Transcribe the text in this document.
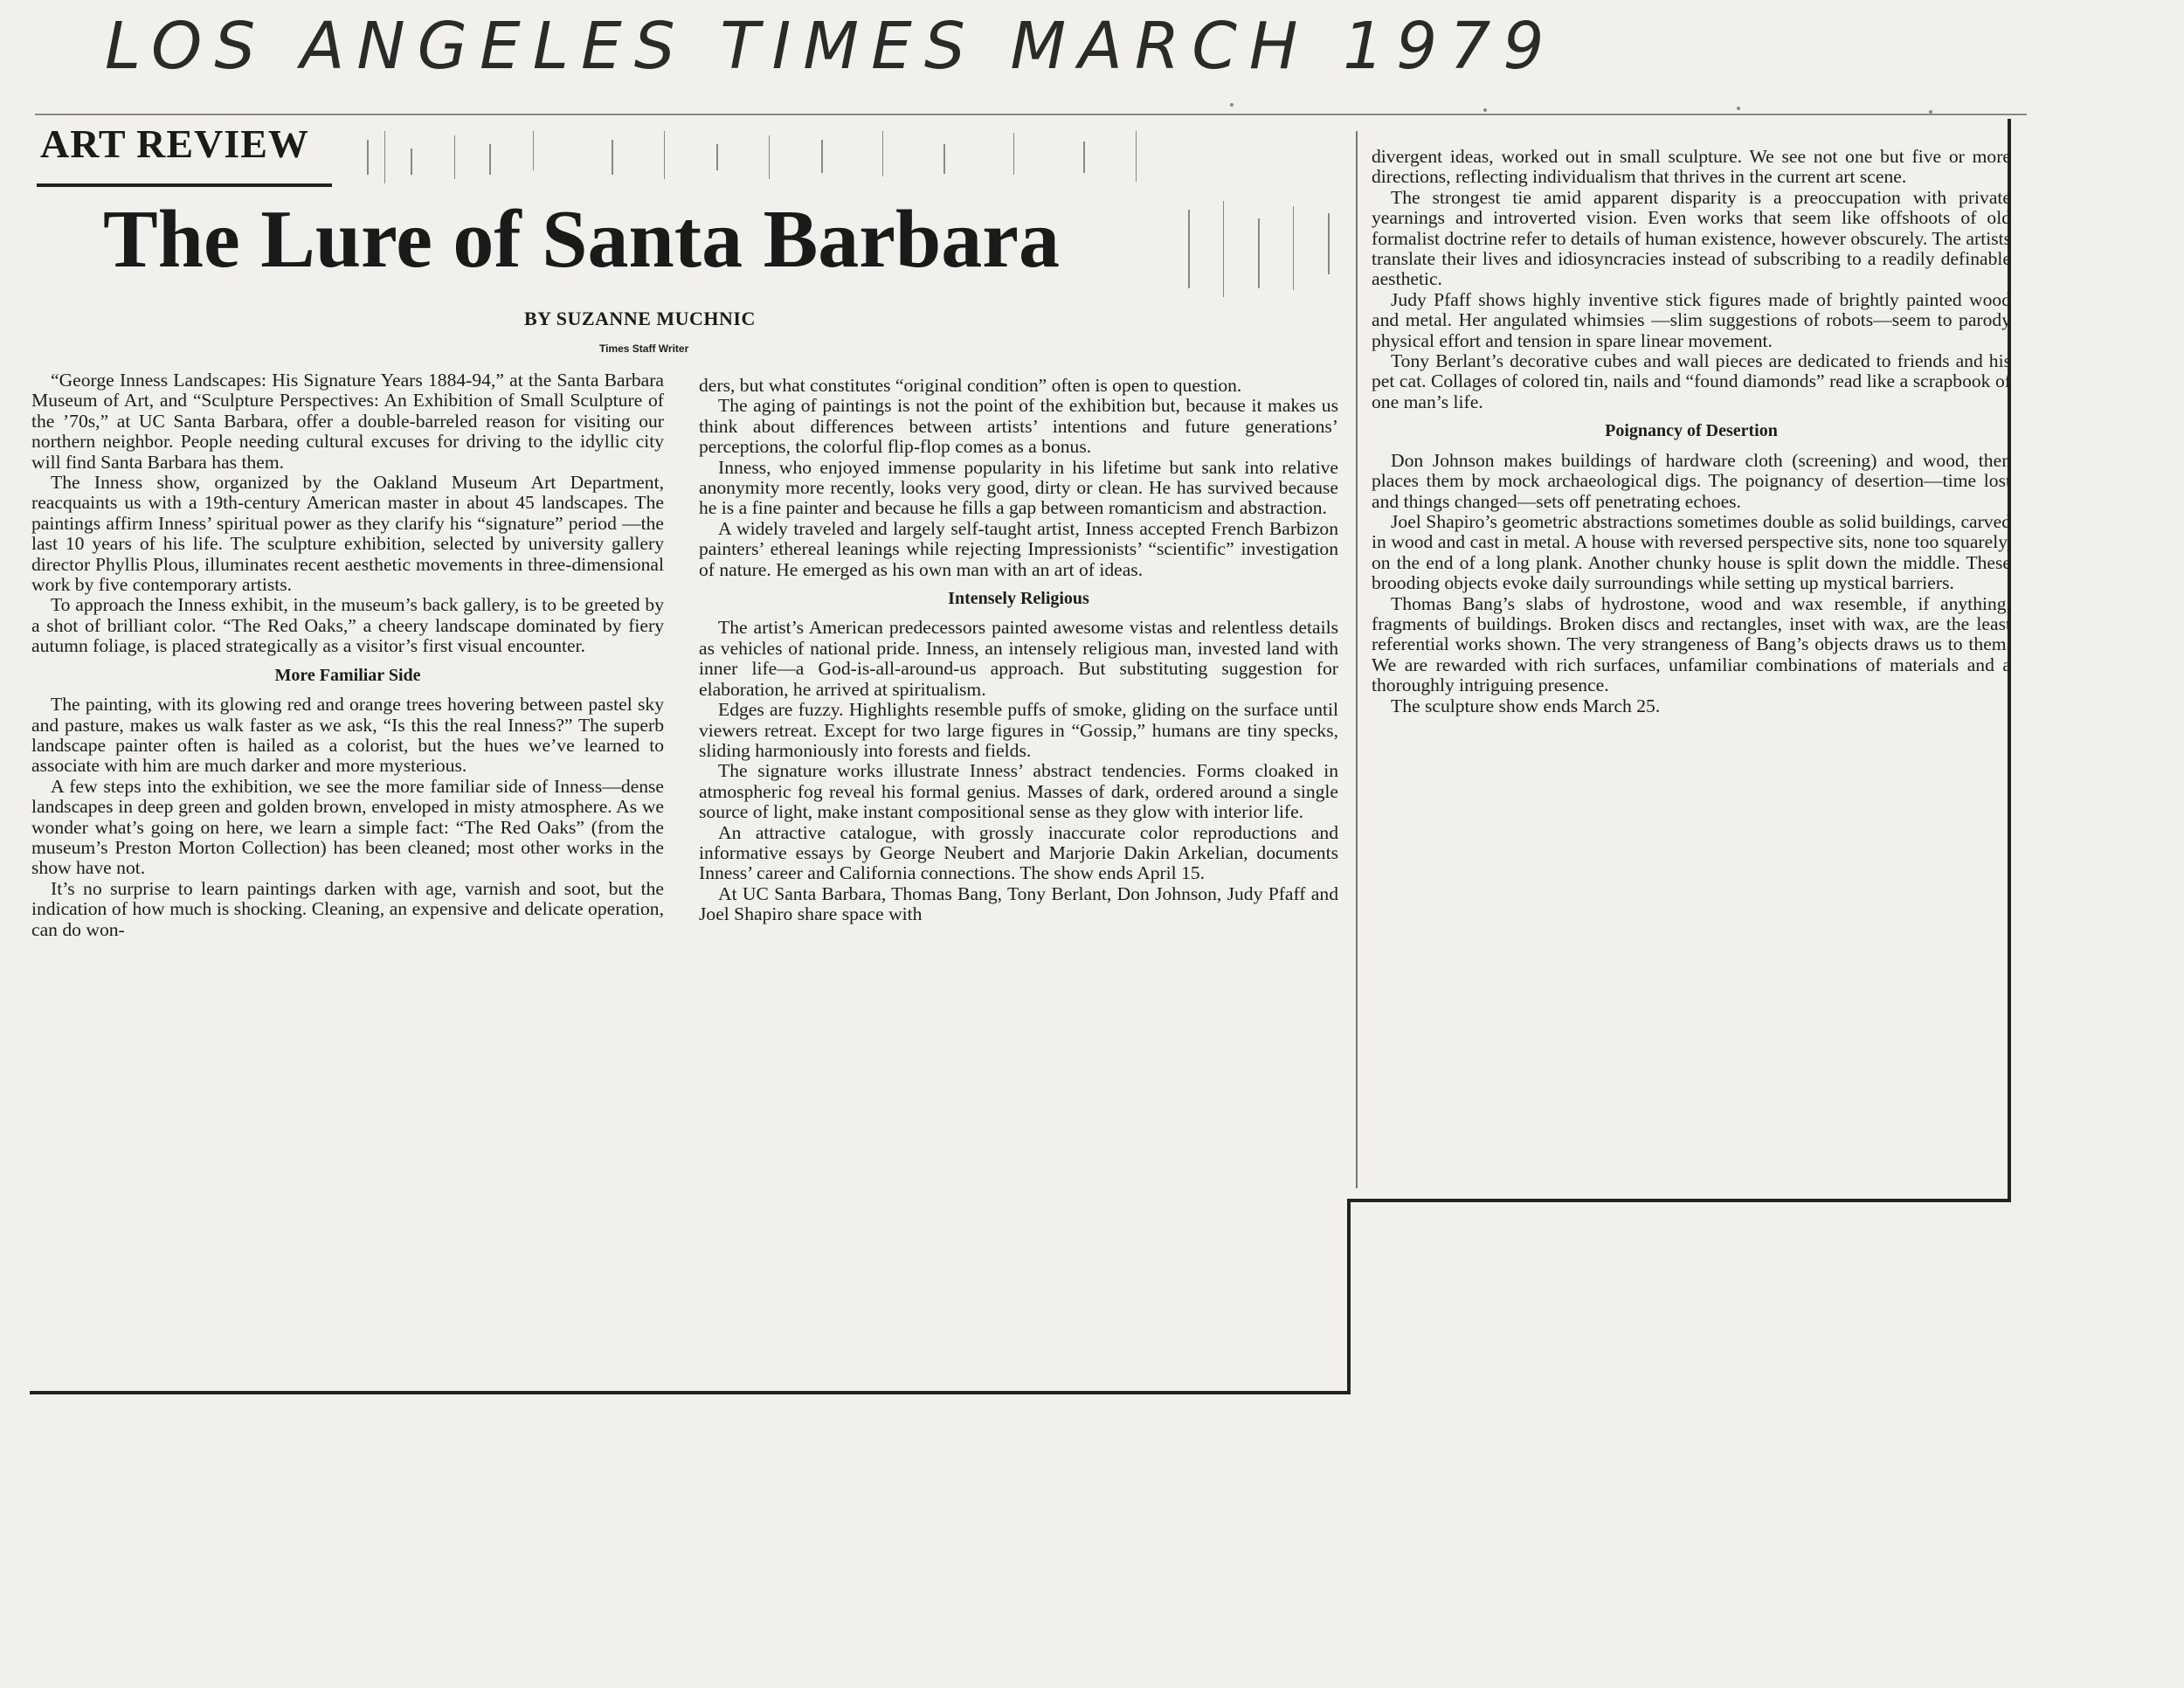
LOS ANGELES TIMES MARCH 1979
ART REVIEW
The Lure of Santa Barbara
BY SUZANNE MUCHNIC
Times Staff Writer

“George Inness Landscapes: His Signature Years 1884-94,” at the Santa Barbara Museum of Art, and “Sculpture Perspectives: An Exhibition of Small Sculpture of the ’70s,” at UC Santa Barbara, offer a double-barreled reason for visiting our northern neighbor. People needing cultural excuses for driving to the idyllic city will find Santa Barbara has them.

The Inness show, organized by the Oakland Museum Art Department, reacquaints us with a 19th-century American master in about 45 landscapes. The paintings affirm Inness’ spiritual power as they clarify his “signature” period —the last 10 years of his life. The sculpture exhibition, selected by university gallery director Phyllis Plous, illuminates recent aesthetic movements in three-dimensional work by five contemporary artists.

To approach the Inness exhibit, in the museum’s back gallery, is to be greeted by a shot of brilliant color. “The Red Oaks,” a cheery landscape dominated by fiery autumn foliage, is placed strategically as a visitor’s first visual encounter.

More Familiar Side

The painting, with its glowing red and orange trees hovering between pastel sky and pasture, makes us walk faster as we ask, “Is this the real Inness?” The superb landscape painter often is hailed as a colorist, but the hues we’ve learned to associate with him are much darker and more mysterious.

A few steps into the exhibition, we see the more familiar side of Inness—dense landscapes in deep green and golden brown, enveloped in misty atmosphere. As we wonder what’s going on here, we learn a simple fact: “The Red Oaks” (from the museum’s Preston Morton Collection) has been cleaned; most other works in the show have not.

It’s no surprise to learn paintings darken with age, varnish and soot, but the indication of how much is shocking. Cleaning, an expensive and delicate operation, can do won-

ders, but what constitutes “original condition” often is open to question.

The aging of paintings is not the point of the exhibition but, because it makes us think about differences between artists’ intentions and future generations’ perceptions, the colorful flip-flop comes as a bonus.

Inness, who enjoyed immense popularity in his lifetime but sank into relative anonymity more recently, looks very good, dirty or clean. He has survived because he is a fine painter and because he fills a gap between romanticism and abstraction.

A widely traveled and largely self-taught artist, Inness accepted French Barbizon painters’ ethereal leanings while rejecting Impressionists’ “scientific” investigation of nature. He emerged as his own man with an art of ideas.

Intensely Religious

The artist’s American predecessors painted awesome vistas and relentless details as vehicles of national pride. Inness, an intensely religious man, invested land with inner life—a God-is-all-around-us approach. But substituting suggestion for elaboration, he arrived at spiritualism.

Edges are fuzzy. Highlights resemble puffs of smoke, gliding on the surface until viewers retreat. Except for two large figures in “Gossip,” humans are tiny specks, sliding harmoniously into forests and fields.

The signature works illustrate Inness’ abstract tendencies. Forms cloaked in atmospheric fog reveal his formal genius. Masses of dark, ordered around a single source of light, make instant compositional sense as they glow with interior life.

An attractive catalogue, with grossly inaccurate color reproductions and informative essays by George Neubert and Marjorie Dakin Arkelian, documents Inness’ career and California connections. The show ends April 15.

At UC Santa Barbara, Thomas Bang, Tony Berlant, Don Johnson, Judy Pfaff and Joel Shapiro share space with

divergent ideas, worked out in small sculpture. We see not one but five or more directions, reflecting individualism that thrives in the current art scene.

The strongest tie amid apparent disparity is a preoccupation with private yearnings and introverted vision. Even works that seem like offshoots of old formalist doctrine refer to details of human existence, however obscurely. The artists translate their lives and idiosyncracies instead of subscribing to a readily definable aesthetic.

Judy Pfaff shows highly inventive stick figures made of brightly painted wood and metal. Her angulated whimsies —slim suggestions of robots—seem to parody physical effort and tension in spare linear movement.

Tony Berlant’s decorative cubes and wall pieces are dedicated to friends and his pet cat. Collages of colored tin, nails and “found diamonds” read like a scrapbook of one man’s life.

Poignancy of Desertion

Don Johnson makes buildings of hardware cloth (screening) and wood, then places them by mock archaeological digs. The poignancy of desertion—time lost and things changed—sets off penetrating echoes.

Joel Shapiro’s geometric abstractions sometimes double as solid buildings, carved in wood and cast in metal. A house with reversed perspective sits, none too squarely, on the end of a long plank. Another chunky house is split down the middle. These brooding objects evoke daily surroundings while setting up mystical barriers.

Thomas Bang’s slabs of hydrostone, wood and wax resemble, if anything, fragments of buildings. Broken discs and rectangles, inset with wax, are the least referential works shown. The very strangeness of Bang’s objects draws us to them. We are rewarded with rich surfaces, unfamiliar combinations of materials and a thoroughly intriguing presence.

The sculpture show ends March 25.
